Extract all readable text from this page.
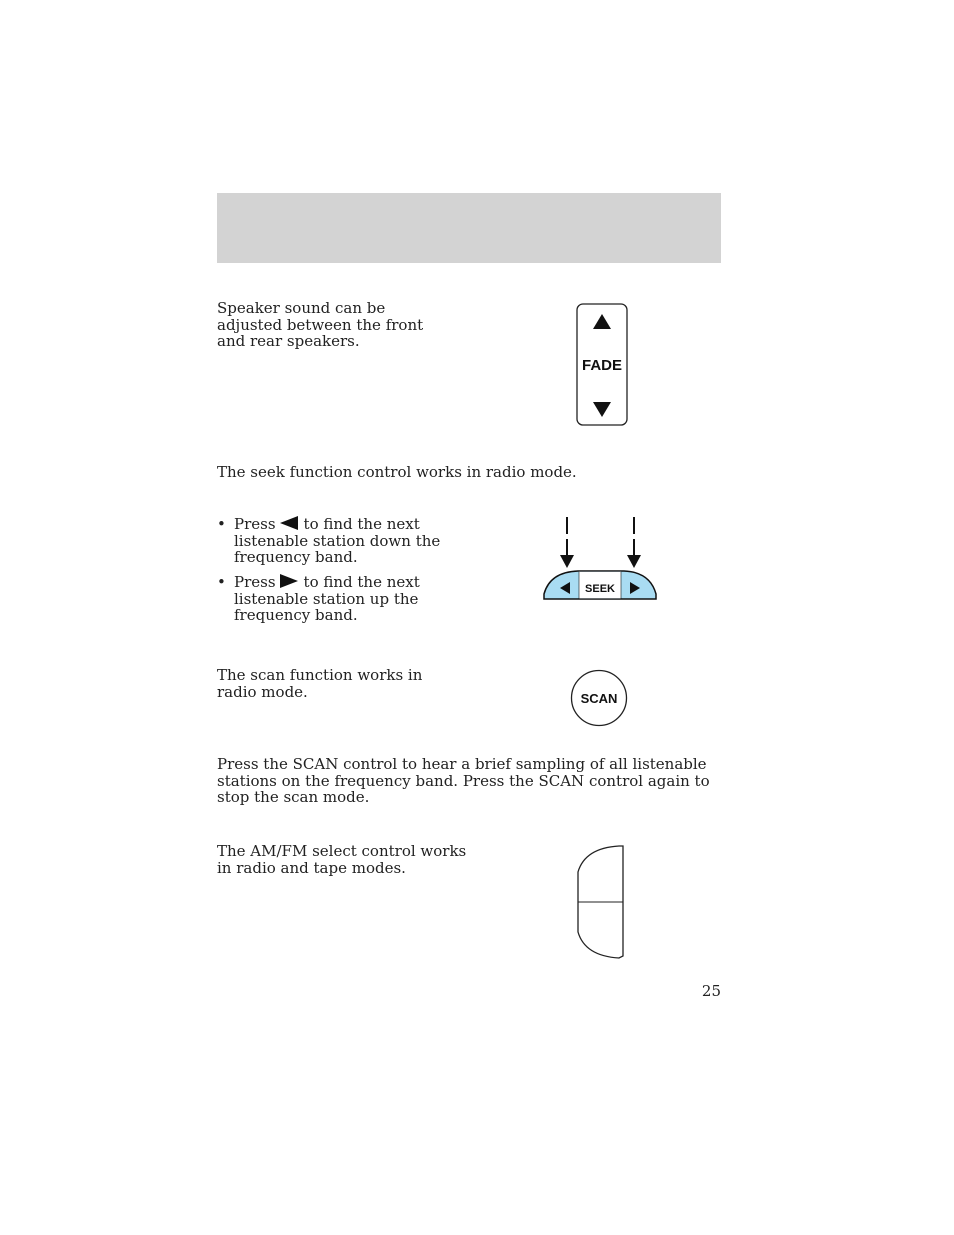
Speaker sound can be adjusted between the front and rear speakers.

FADE

The seek function control works in radio mode.

• Press to find the next listenable station down the frequency band.
• Press to find the next listenable station up the frequency band.
SEEK

The scan function works in radio mode.	SCAN

Press the SCAN control to hear a brief sampling of all listenable stations on the frequency band. Press the SCAN control again to stop the scan mode.

The AM/FM select control works in radio and tape modes.

25
